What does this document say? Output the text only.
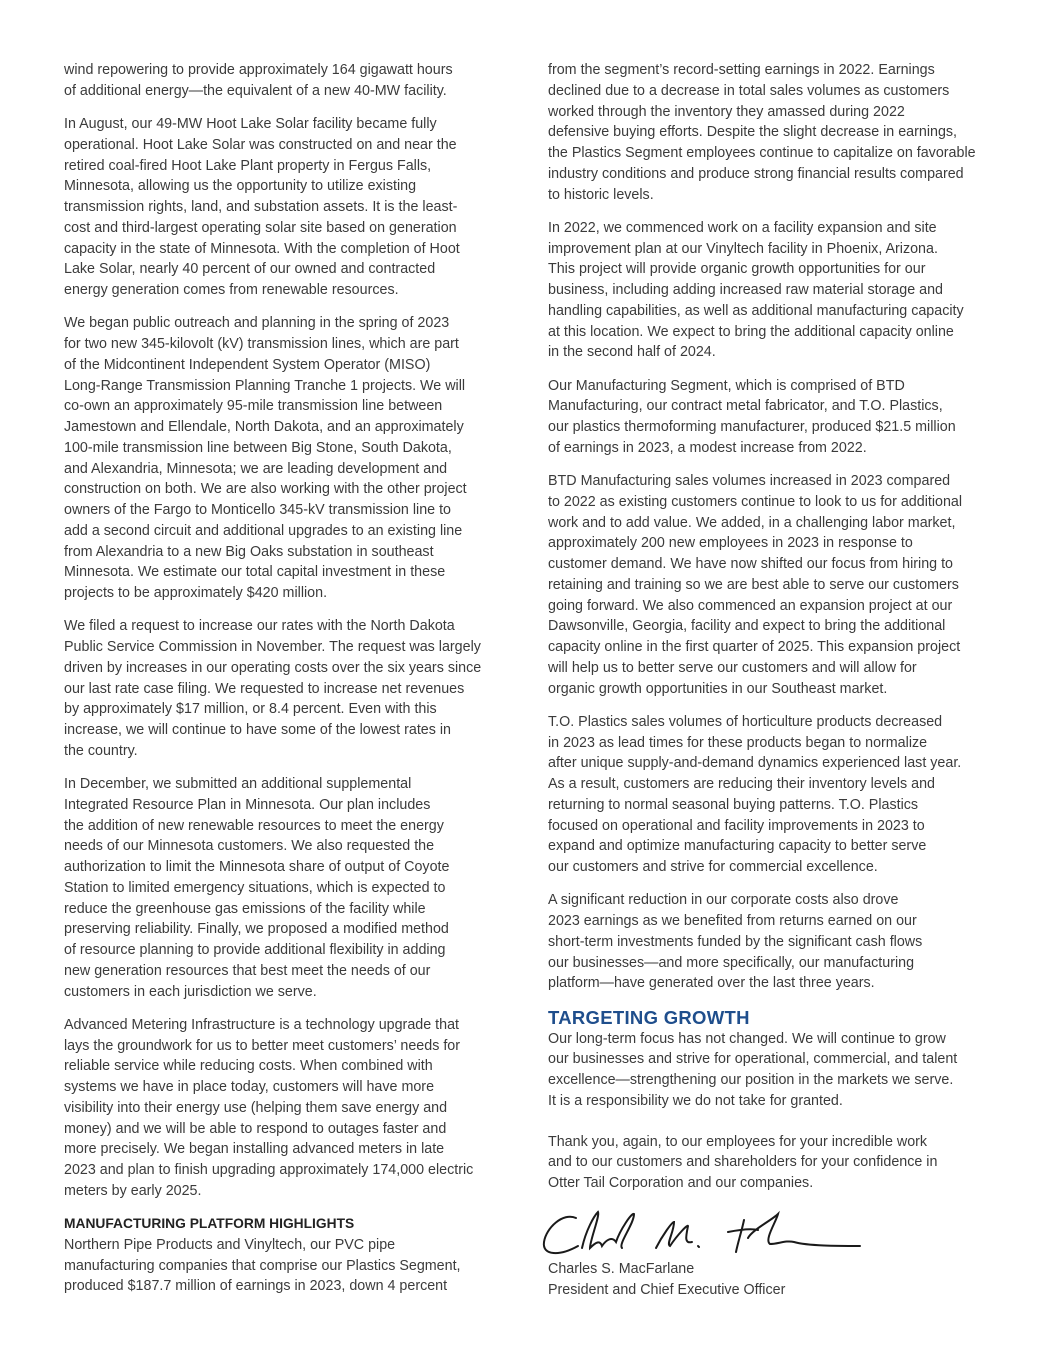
wind repowering to provide approximately 164 gigawatt hours
of additional energy—the equivalent of a new 40-MW facility.
In August, our 49-MW Hoot Lake Solar facility became fully
operational. Hoot Lake Solar was constructed on and near the
retired coal-fired Hoot Lake Plant property in Fergus Falls,
Minnesota, allowing us the opportunity to utilize existing
transmission rights, land, and substation assets. It is the least-
cost and third-largest operating solar site based on generation
capacity in the state of Minnesota. With the completion of Hoot
Lake Solar, nearly 40 percent of our owned and contracted
energy generation comes from renewable resources.
We began public outreach and planning in the spring of 2023
for two new 345-kilovolt (kV) transmission lines, which are part
of the Midcontinent Independent System Operator (MISO)
Long-Range Transmission Planning Tranche 1 projects. We will
co-own an approximately 95-mile transmission line between
Jamestown and Ellendale, North Dakota, and an approximately
100-mile transmission line between Big Stone, South Dakota,
and Alexandria, Minnesota; we are leading development and
construction on both. We are also working with the other project
owners of the Fargo to Monticello 345-kV transmission line to
add a second circuit and additional upgrades to an existing line
from Alexandria to a new Big Oaks substation in southeast
Minnesota. We estimate our total capital investment in these
projects to be approximately $420 million.
We filed a request to increase our rates with the North Dakota
Public Service Commission in November. The request was largely
driven by increases in our operating costs over the six years since
our last rate case filing. We requested to increase net revenues
by approximately $17 million, or 8.4 percent. Even with this
increase, we will continue to have some of the lowest rates in
the country.
In December, we submitted an additional supplemental
Integrated Resource Plan in Minnesota. Our plan includes
the addition of new renewable resources to meet the energy
needs of our Minnesota customers. We also requested the
authorization to limit the Minnesota share of output of Coyote
Station to limited emergency situations, which is expected to
reduce the greenhouse gas emissions of the facility while
preserving reliability. Finally, we proposed a modified method
of resource planning to provide additional flexibility in adding
new generation resources that best meet the needs of our
customers in each jurisdiction we serve.
Advanced Metering Infrastructure is a technology upgrade that
lays the groundwork for us to better meet customers’ needs for
reliable service while reducing costs. When combined with
systems we have in place today, customers will have more
visibility into their energy use (helping them save energy and
money) and we will be able to respond to outages faster and
more precisely. We began installing advanced meters in late
2023 and plan to finish upgrading approximately 174,000 electric
meters by early 2025.

MANUFACTURING PLATFORM HIGHLIGHTS

Northern Pipe Products and Vinyltech, our PVC pipe
manufacturing companies that comprise our Plastics Segment,
produced $187.7 million of earnings in 2023, down 4 percent
from the segment’s record-setting earnings in 2022. Earnings
declined due to a decrease in total sales volumes as customers
worked through the inventory they amassed during 2022
defensive buying efforts. Despite the slight decrease in earnings,
the Plastics Segment employees continue to capitalize on favorable
industry conditions and produce strong financial results compared
to historic levels.
In 2022, we commenced work on a facility expansion and site
improvement plan at our Vinyltech facility in Phoenix, Arizona.
This project will provide organic growth opportunities for our
business, including adding increased raw material storage and
handling capabilities, as well as additional manufacturing capacity
at this location. We expect to bring the additional capacity online
in the second half of 2024.
Our Manufacturing Segment, which is comprised of BTD
Manufacturing, our contract metal fabricator, and T.O. Plastics,
our plastics thermoforming manufacturer, produced $21.5 million
of earnings in 2023, a modest increase from 2022.
BTD Manufacturing sales volumes increased in 2023 compared
to 2022 as existing customers continue to look to us for additional
work and to add value. We added, in a challenging labor market,
approximately 200 new employees in 2023 in response to
customer demand. We have now shifted our focus from hiring to
retaining and training so we are best able to serve our customers
going forward. We also commenced an expansion project at our
Dawsonville, Georgia, facility and expect to bring the additional
capacity online in the first quarter of 2025. This expansion project
will help us to better serve our customers and will allow for
organic growth opportunities in our Southeast market.
T.O. Plastics sales volumes of horticulture products decreased
in 2023 as lead times for these products began to normalize
after unique supply-and-demand dynamics experienced last year.
As a result, customers are reducing their inventory levels and
returning to normal seasonal buying patterns. T.O. Plastics
focused on operational and facility improvements in 2023 to
expand and optimize manufacturing capacity to better serve
our customers and strive for commercial excellence.
A significant reduction in our corporate costs also drove
2023 earnings as we benefited from returns earned on our
short-term investments funded by the significant cash flows
our businesses—and more specifically, our manufacturing
platform—have generated over the last three years.
TARGETING GROWTH
Our long-term focus has not changed. We will continue to grow
our businesses and strive for operational, commercial, and talent
excellence—strengthening our position in the markets we serve.
It is a responsibility we do not take for granted.
Thank you, again, to our employees for your incredible work
and to our customers and shareholders for your confidence in
Otter Tail Corporation and our companies.
Charles S. MacFarlane
President and Chief Executive Officer
